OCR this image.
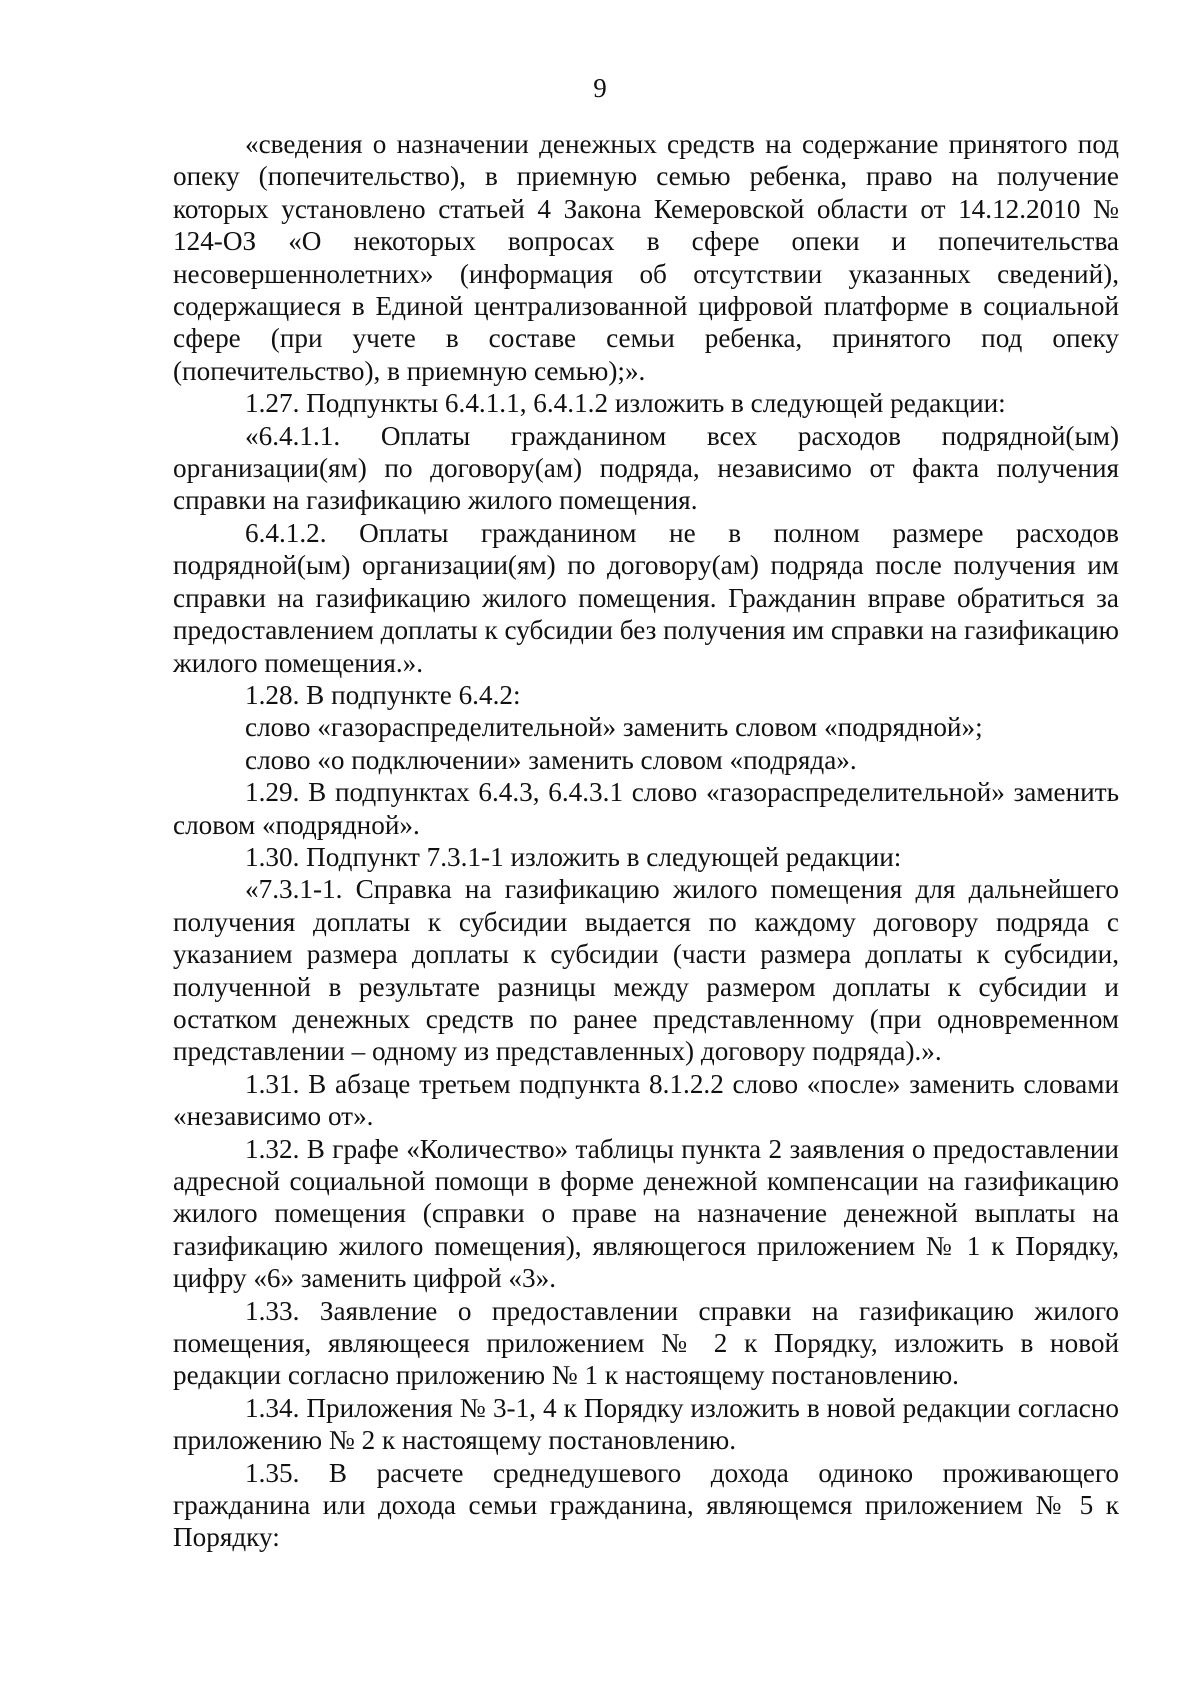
9

«сведения о назначении денежных средств на содержание принятого под опеку (попечительство), в приемную семью ребенка, право на получение которых установлено статьей 4 Закона Кемеровской области от 14.12.2010 № 124-ОЗ «О некоторых вопросах в сфере опеки и попечительства несовершеннолетних» (информация об отсутствии указанных сведений), содержащиеся в Единой централизованной цифровой платформе в социальной сфере (при учете в составе семьи ребенка, принятого под опеку (попечительство), в приемную семью);».

1.27. Подпункты 6.4.1.1, 6.4.1.2 изложить в следующей редакции:

«6.4.1.1. Оплаты гражданином всех расходов подрядной(ым) организации(ям) по договору(ам) подряда, независимо от факта получения справки на газификацию жилого помещения.

6.4.1.2. Оплаты гражданином не в полном размере расходов подрядной(ым) организации(ям) по договору(ам) подряда после получения им справки на газификацию жилого помещения. Гражданин вправе обратиться за предоставлением доплаты к субсидии без получения им справки на газификацию жилого помещения.».

1.28. В подпункте 6.4.2:

слово «газораспределительной» заменить словом «подрядной»;

слово «о подключении» заменить словом «подряда».

1.29. В подпунктах 6.4.3, 6.4.3.1 слово «газораспределительной» заменить словом «подрядной».

1.30. Подпункт 7.3.1-1 изложить в следующей редакции:

«7.3.1-1. Справка на газификацию жилого помещения для дальнейшего получения доплаты к субсидии выдается по каждому договору подряда с указанием размера доплаты к субсидии (части размера доплаты к субсидии, полученной в результате разницы между размером доплаты к субсидии и остатком денежных средств по ранее представленному (при одновременном представлении – одному из представленных) договору подряда).».

1.31. В абзаце третьем подпункта 8.1.2.2 слово «после» заменить словами «независимо от».

1.32. В графе «Количество» таблицы пункта 2 заявления о предоставлении адресной социальной помощи в форме денежной компенсации на газификацию жилого помещения (справки о праве на назначение денежной выплаты на газификацию жилого помещения), являющегося приложением № 1 к Порядку, цифру «6» заменить цифрой «3».

1.33. Заявление о предоставлении справки на газификацию жилого помещения, являющееся приложением № 2 к Порядку, изложить в новой редакции согласно приложению № 1 к настоящему постановлению.

1.34. Приложения № 3-1, 4 к Порядку изложить в новой редакции согласно приложению № 2 к настоящему постановлению.

1.35. В расчете среднедушевого дохода одиноко проживающего гражданина или дохода семьи гражданина, являющемся приложением № 5 к Порядку:
